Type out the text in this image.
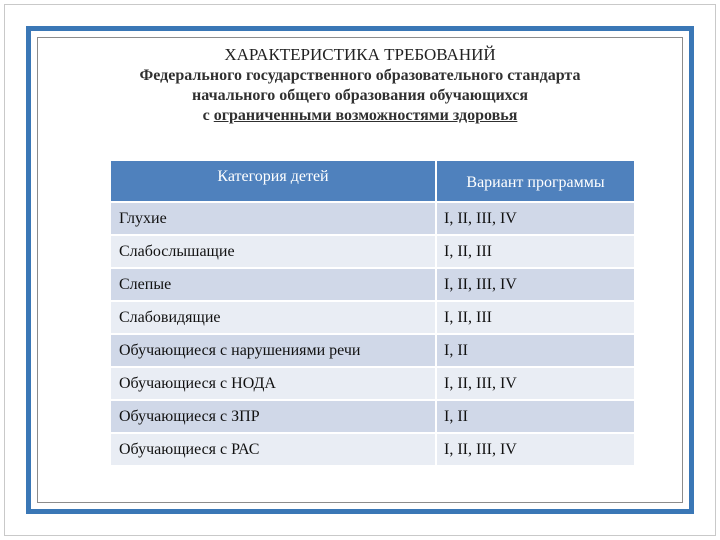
ХАРАКТЕРИСТИКА ТРЕБОВАНИЙ
Федерального государственного образовательного стандарта
начального общего образования обучающихся
с ограниченными возможностями здоровья
Категория детей	Вариант программы
Глухие	I, II, III, IV
Слабослышащие	I, II, III
Слепые	I, II, III, IV
Слабовидящие	I, II, III
Обучающиеся с нарушениями речи	I, II
Обучающиеся с НОДА	I, II, III, IV
Обучающиеся с ЗПР	I, II
Обучающиеся с РАС	I, II, III, IV
